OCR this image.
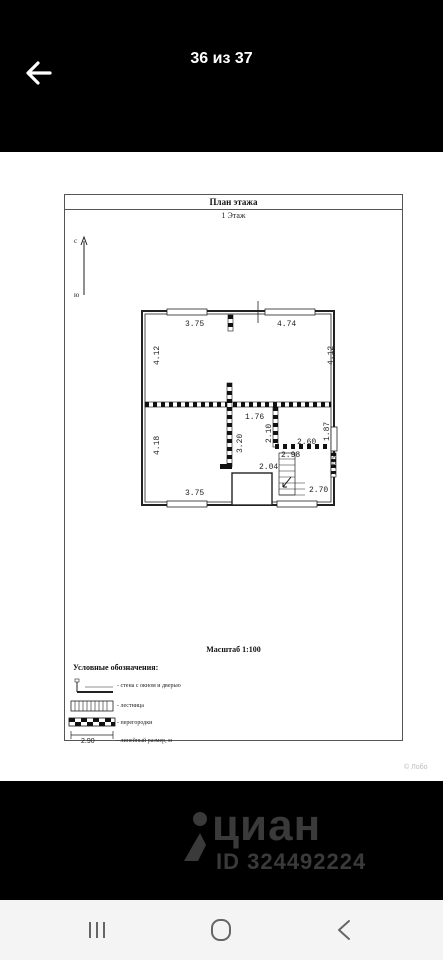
36 из 37
План этажа
1 Этаж
с
ю
3.75	4.74
4.12	4.12
4.18
1.76
3.20
2.10	1.87
2.60
2.98
2.06
2.04
3.75	2.70
Масштаб 1:100
Условные обозначения:
- стена с окном и дверью
- лестница
- перегородки
- линейный размер, м
2.90
© Лобо
циан
ID 324492224
